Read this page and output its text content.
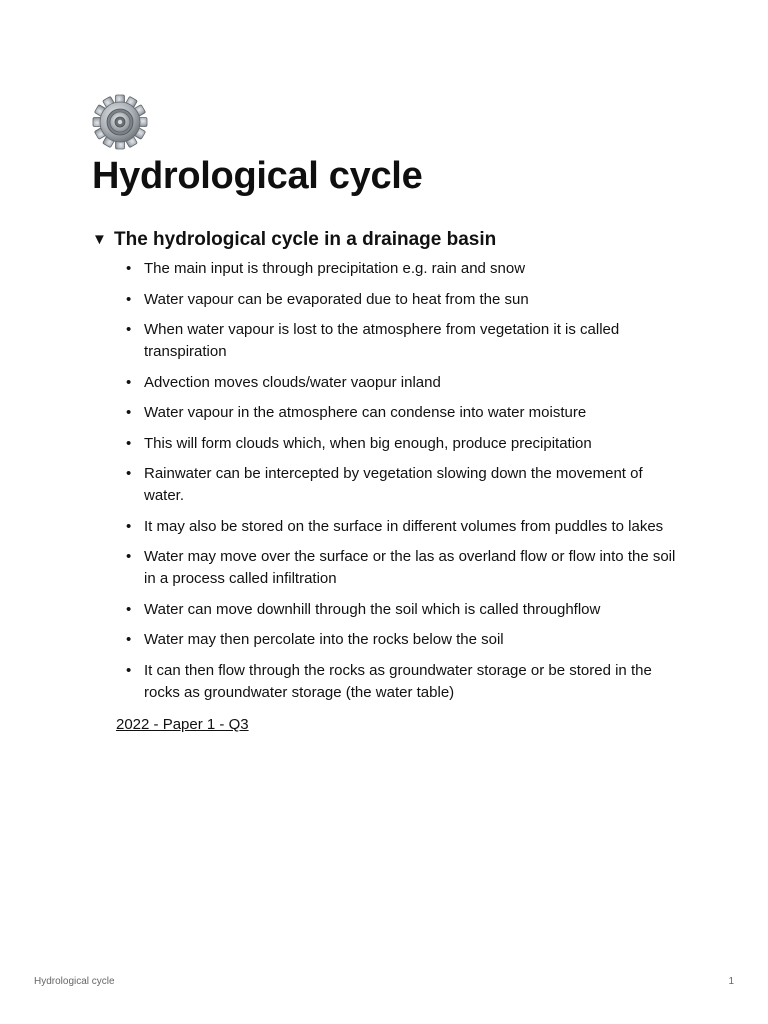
Hydrological cycle
▼ The hydrological cycle in a drainage basin
• The main input is through precipitation e.g. rain and snow
• Water vapour can be evaporated due to heat from the sun
• When water vapour is lost to the atmosphere from vegetation it is called transpiration
• Advection moves clouds/water vaopur inland
• Water vapour in the atmosphere can condense into water moisture
• This will form clouds which, when big enough, produce precipitation
• Rainwater can be intercepted by vegetation slowing down the movement of water.
• It may also be stored on the surface in different volumes from puddles to lakes
• Water may move over the surface or the las as overland flow or flow into the soil in a process called infiltration
• Water can move downhill through the soil which is called throughflow
• Water may then percolate into the rocks below the soil
• It can then flow through the rocks as groundwater storage or be stored in the rocks as groundwater storage (the water table)
2022 - Paper 1 - Q3
Hydrological cycle	1
